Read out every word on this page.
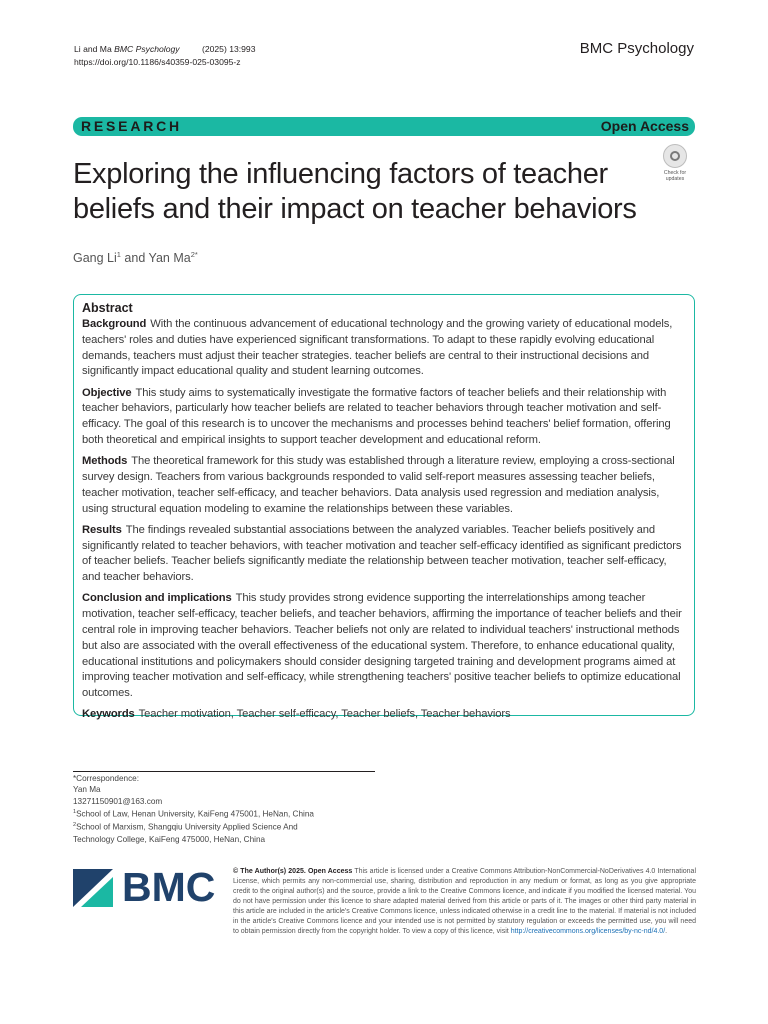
Li and Ma BMC Psychology	(2025) 13:993
https://doi.org/10.1186/s40359-025-03095-z
BMC Psychology
RESEARCH	Open Access
Exploring the influencing factors of teacher beliefs and their impact on teacher behaviors
Check for
updates
Gang Li$^1$ and Yan $Ma^{2*}$
Abstract

Background With the continuous advancement of educational technology and the growing variety of educational models, teachers' roles and duties have experienced significant transformations. To adapt to these rapidly evolving educational demands, teachers must adjust their teacher strategies. teacher beliefs are central to their instructional decisions and significantly impact educational quality and student learning outcomes.

Objective This study aims to systematically investigate the formative factors of teacher beliefs and their relationship with teacher behaviors, particularly how teacher beliefs are related to teacher behaviors through teacher motivation and self-efficacy. The goal of this research is to uncover the mechanisms and processes behind teachers' belief formation, offering both theoretical and empirical insights to support teacher development and educational reform.

Methods The theoretical framework for this study was established through a literature review, employing a cross-sectional survey design. Teachers from various backgrounds responded to valid self-report measures assessing teacher beliefs, teacher motivation, teacher self-efficacy, and teacher behaviors. Data analysis used regression and mediation analysis, using structural equation modeling to examine the relationships between these variables.

Results The findings revealed substantial associations between the analyzed variables. Teacher beliefs positively and significantly related to teacher behaviors, with teacher motivation and teacher self-efficacy identified as significant predictors of teacher beliefs. Teacher beliefs significantly mediate the relationship between teacher motivation, teacher self-efficacy, and teacher behaviors.

Conclusion and implications This study provides strong evidence supporting the interrelationships among teacher motivation, teacher self-efficacy, teacher beliefs, and teacher behaviors, affirming the importance of teacher beliefs and their central role in improving teacher behaviors. Teacher beliefs not only are related to individual teachers' instructional methods but also are associated with the overall effectiveness of the educational system. Therefore, to enhance educational quality, educational institutions and policymakers should consider designing targeted training and development programs aimed at improving teacher motivation and self-efficacy, while strengthening teachers' positive teacher beliefs to optimize educational outcomes.

Keywords Teacher motivation, Teacher self-efficacy, Teacher beliefs, Teacher behaviors

*Correspondence:
Yan Ma
13271150901@163.com
$^1$School of Law, Henan University, KaiFeng 475001, HeNan, China
$^2$School of Marxism, Shangqiu University Applied Science And
Technology College, KaiFeng 475000, HeNan, China
BMC	© The Author(s) 2025. Open Access This article is licensed under a Creative Commons Attribution-NonCommercial-NoDerivatives 4.0 International License, which permits any non-commercial use, sharing, distribution and reproduction in any medium or format, as long as you give appropriate credit to the original author(s) and the source, provide a link to the Creative Commons licence, and indicate if you modified the licensed material. You do not have permission under this licence to share adapted material derived from this article or parts of it. The images or other third party material in this article are included in the article's Creative Commons licence, unless indicated otherwise in a credit line to the material. If material is not included in the article's Creative Commons licence and your intended use is not permitted by statutory regulation or exceeds the permitted use, you will need to obtain permission directly from the copyright holder. To view a copy of this licence, visit http://creativecommons.org/licenses/by-nc-nd/4.0/.
